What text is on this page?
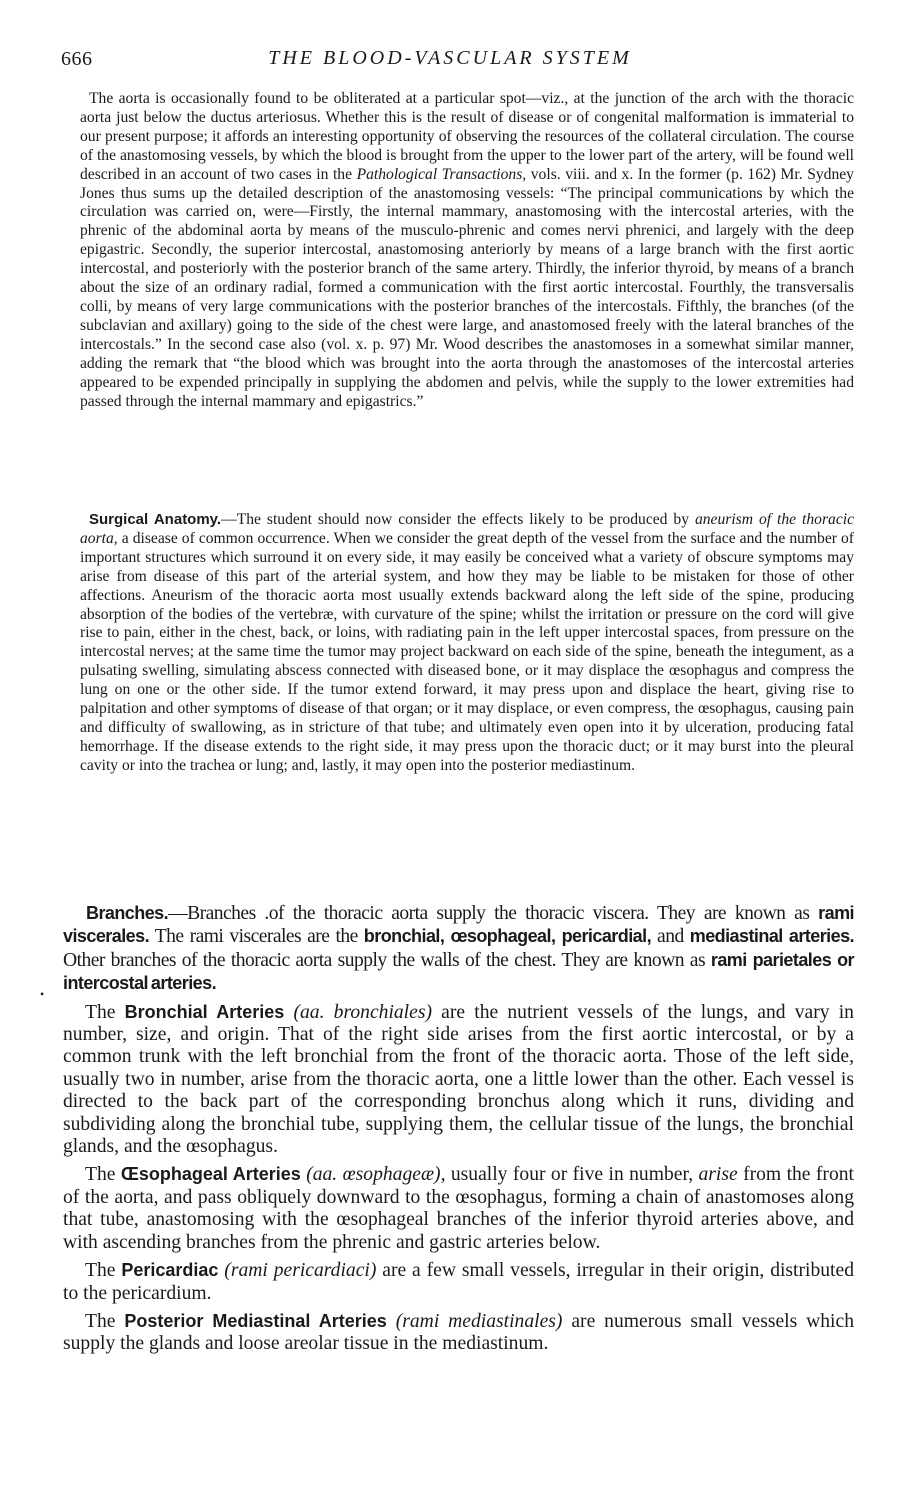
666	THE BLOOD-VASCULAR SYSTEM

The aorta is occasionally found to be obliterated at a particular spot—viz., at the junction of the arch with the thoracic aorta just below the ductus arteriosus. Whether this is the result of disease or of congenital malformation is immaterial to our present purpose; it affords an interesting opportunity of observing the resources of the collateral circulation. The course of the anastomosing vessels, by which the blood is brought from the upper to the lower part of the artery, will be found well described in an account of two cases in the Pathological Transactions, vols. viii. and x. In the former (p. 162) Mr. Sydney Jones thus sums up the detailed description of the anastomosing vessels: “The principal communications by which the circulation was carried on, were—Firstly, the internal mammary, anastomosing with the intercostal arteries, with the phrenic of the abdominal aorta by means of the musculo-phrenic and comes nervi phrenici, and largely with the deep epigastric. Secondly, the superior intercostal, anastomosing anteriorly by means of a large branch with the first aortic intercostal, and posteriorly with the posterior branch of the same artery. Thirdly, the inferior thyroid, by means of a branch about the size of an ordinary radial, formed a communication with the first aortic intercostal. Fourthly, the transversalis colli, by means of very large communications with the posterior branches of the intercostals. Fifthly, the branches (of the subclavian and axillary) going to the side of the chest were large, and anastomosed freely with the lateral branches of the intercostals.” In the second case also (vol. x. p. 97) Mr. Wood describes the anastomoses in a somewhat similar manner, adding the remark that “the blood which was brought into the aorta through the anastomoses of the intercostal arteries appeared to be expended principally in supplying the abdomen and pelvis, while the supply to the lower extremities had passed through the internal mammary and epigastrics.”

Surgical Anatomy.—The student should now consider the effects likely to be produced by aneurism of the thoracic aorta, a disease of common occurrence. When we consider the great depth of the vessel from the surface and the number of important structures which surround it on every side, it may easily be conceived what a variety of obscure symptoms may arise from disease of this part of the arterial system, and how they may be liable to be mistaken for those of other affections. Aneurism of the thoracic aorta most usually extends backward along the left side of the spine, producing absorption of the bodies of the vertebræ, with curvature of the spine; whilst the irritation or pressure on the cord will give rise to pain, either in the chest, back, or loins, with radiating pain in the left upper intercostal spaces, from pressure on the intercostal nerves; at the same time the tumor may project backward on each side of the spine, beneath the integument, as a pulsating swelling, simulating abscess connected with diseased bone, or it may displace the œsophagus and compress the lung on one or the other side. If the tumor extend forward, it may press upon and displace the heart, giving rise to palpitation and other symptoms of disease of that organ; or it may displace, or even compress, the œsophagus, causing pain and difficulty of swallowing, as in stricture of that tube; and ultimately even open into it by ulceration, producing fatal hemorrhage. If the disease extends to the right side, it may press upon the thoracic duct; or it may burst into the pleural cavity or into the trachea or lung; and, lastly, it may open into the posterior mediastinum.

•

Branches.—Branches .of the thoracic aorta supply the thoracic viscera. They are known as rami viscerales. The rami viscerales are the bronchial, œsophageal, pericardial, and mediastinal arteries. Other branches of the thoracic aorta supply the walls of the chest. They are known as rami parietales or intercostal arteries.

The Bronchial Arteries (aa. bronchiales) are the nutrient vessels of the lungs, and vary in number, size, and origin. That of the right side arises from the first aortic intercostal, or by a common trunk with the left bronchial from the front of the thoracic aorta. Those of the left side, usually two in number, arise from the thoracic aorta, one a little lower than the other. Each vessel is directed to the back part of the corresponding bronchus along which it runs, dividing and subdividing along the bronchial tube, supplying them, the cellular tissue of the lungs, the bronchial glands, and the œsophagus.

The Œsophageal Arteries (aa. œsophageæ), usually four or five in number, arise from the front of the aorta, and pass obliquely downward to the œsophagus, forming a chain of anastomoses along that tube, anastomosing with the œsophageal branches of the inferior thyroid arteries above, and with ascending branches from the phrenic and gastric arteries below.

The Pericardiac (rami pericardiaci) are a few small vessels, irregular in their origin, distributed to the pericardium.

The Posterior Mediastinal Arteries (rami mediastinales) are numerous small vessels which supply the glands and loose areolar tissue in the mediastinum.
